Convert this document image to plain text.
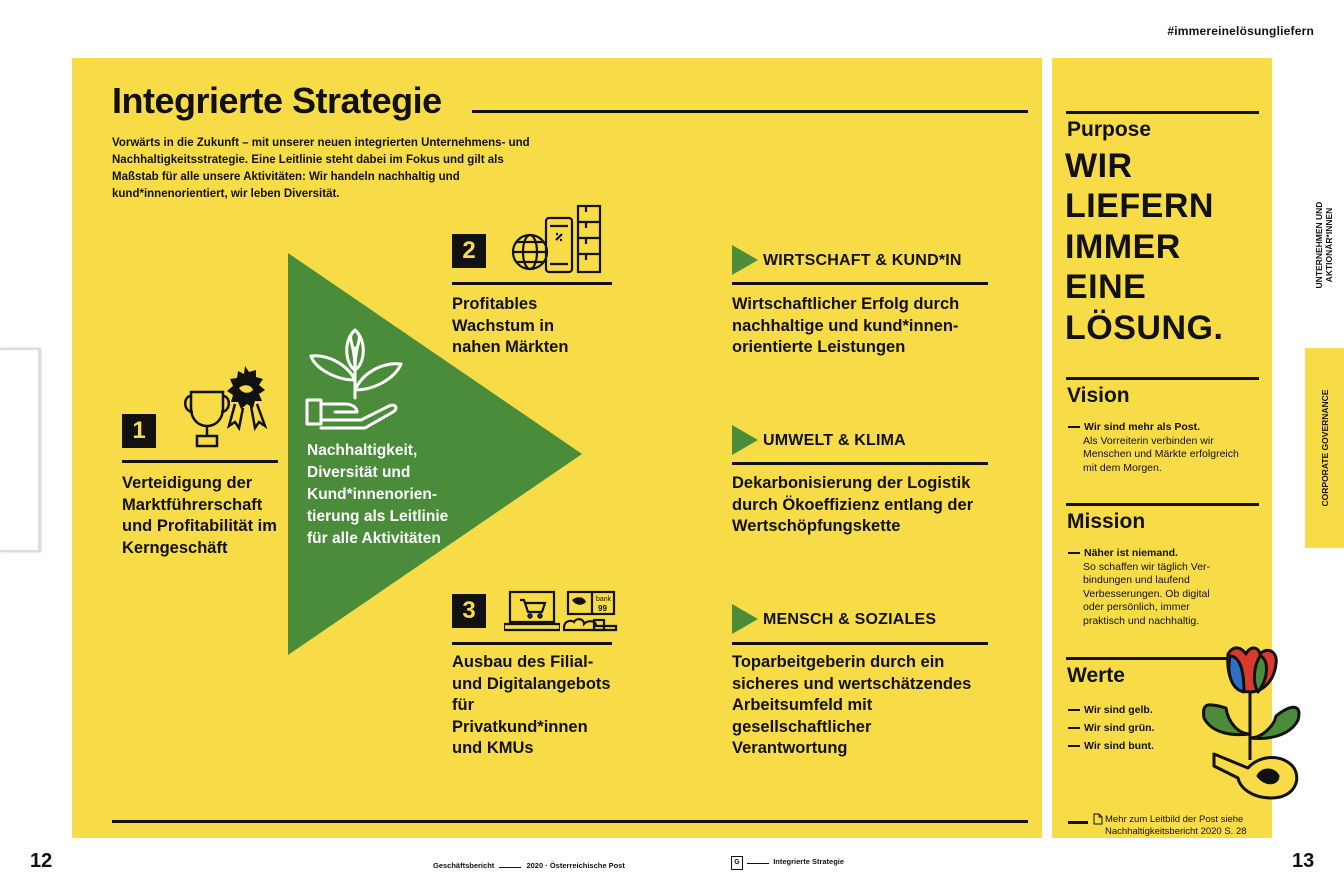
#immereinelösungliefern
Integrierte Strategie
Vorwärts in die Zukunft – mit unserer neuen integrierten Unternehmens- und Nachhaltigkeitsstrategie. Eine Leitlinie steht dabei im Fokus und gilt als Maßstab für alle unsere Aktivitäten: Wir handeln nachhaltig und kund*innenorientiert, wir leben Diversität.
Nachhaltigkeit, Diversität und Kund*innenorientierung als Leitlinie für alle Aktivitäten
1
Verteidigung der Marktführerschaft und Profitabilität im Kerngeschäft
2
Profitables Wachstum in nahen Märkten
3	bank
99
Ausbau des Filial- und Digitalangebots für Privatkund*innen und KMUs
WIRTSCHAFT & KUND*IN
Wirtschaftlicher Erfolg durch nachhaltige und kund*innenorientierte Leistungen
UMWELT & KLIMA
Dekarbonisierung der Logistik durch Ökoeffizienz entlang der Wertschöpfungskette
MENSCH & SOZIALES
Toparbeitgeberin durch ein sicheres und wertschätzendes Arbeitsumfeld mit gesellschaftlicher Verantwortung
Purpose
WIR
LIEFERN
IMMER
EINE
LÖSUNG.
Vision
Wir sind mehr als Post.
Als Vorreiterin verbinden wir Menschen und Märkte erfolgreich mit dem Morgen.
Mission
Näher ist niemand.
So schaffen wir täglich Verbindungen und laufend Verbesserungen. Ob digital oder persönlich, immer praktisch und nachhaltig.
Werte
Wir sind gelb.
Wir sind grün.
Wir sind bunt.
Mehr zum Leitbild der Post siehe
Nachhaltigkeitsbericht 2020 S. 28
UNTERNEHMEN UND AKTIONÄR*INNEN
CORPORATE GOVERNANCE
12	13
Geschäftsbericht	2020 · Österreichische Post	G	Integrierte Strategie
